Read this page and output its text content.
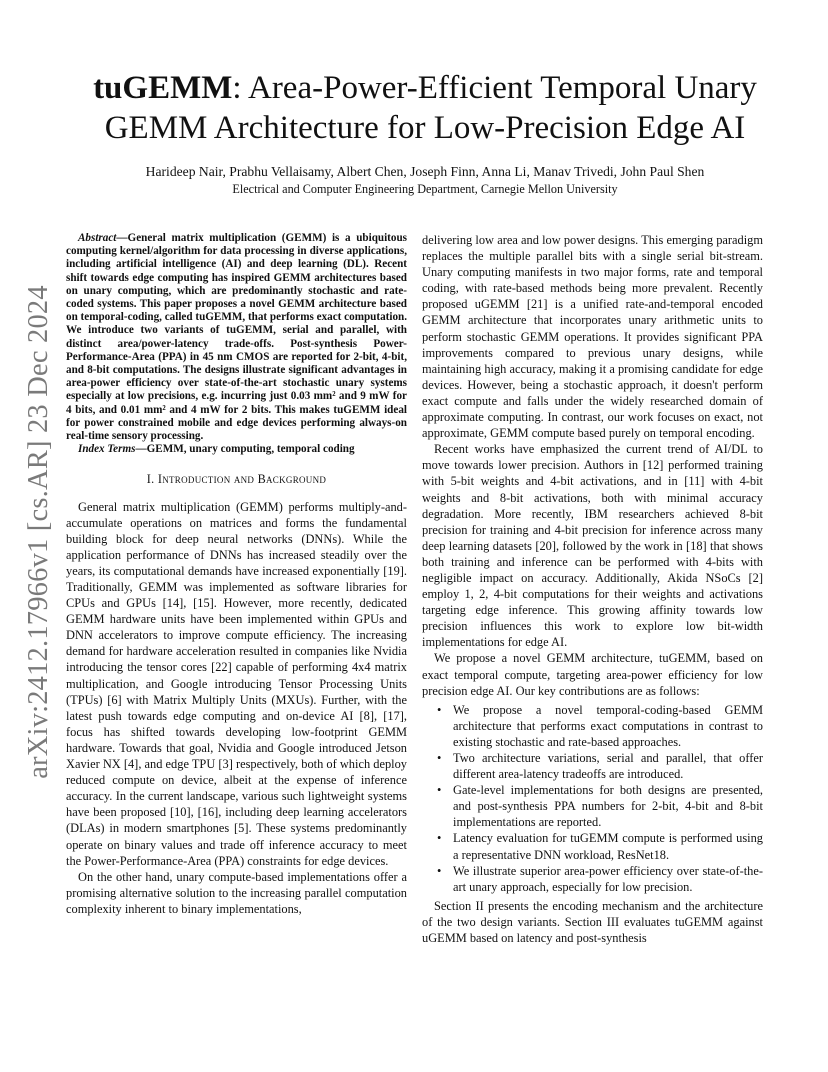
arXiv:2412.17966v1 [cs.AR] 23 Dec 2024
tuGEMM: Area-Power-Efficient Temporal Unary
GEMM Architecture for Low-Precision Edge AI
Harideep Nair, Prabhu Vellaisamy, Albert Chen, Joseph Finn, Anna Li, Manav Trivedi, John Paul Shen
Electrical and Computer Engineering Department, Carnegie Mellon University

Abstract—General matrix multiplication (GEMM) is a ubiquitous computing kernel/algorithm for data processing in diverse applications, including artificial intelligence (AI) and deep learning (DL). Recent shift towards edge computing has inspired GEMM architectures based on unary computing, which are predominantly stochastic and rate-coded systems. This paper proposes a novel GEMM architecture based on temporal-coding, called tuGEMM, that performs exact computation. We introduce two variants of tuGEMM, serial and parallel, with distinct area/power-latency trade-offs. Post-synthesis Power-Performance-Area (PPA) in 45 nm CMOS are reported for 2-bit, 4-bit, and 8-bit computations. The designs illustrate significant advantages in area-power efficiency over state-of-the-art stochastic unary systems especially at low precisions, e.g. incurring just 0.03 mm² and 9 mW for 4 bits, and 0.01 mm² and 4 mW for 2 bits. This makes tuGEMM ideal for power constrained mobile and edge devices performing always-on real-time sensory processing.

Index Terms—GEMM, unary computing, temporal coding

I. Introduction and Background

General matrix multiplication (GEMM) performs multiply-and-accumulate operations on matrices and forms the fundamental building block for deep neural networks (DNNs). While the application performance of DNNs has increased steadily over the years, its computational demands have increased exponentially [19]. Traditionally, GEMM was implemented as software libraries for CPUs and GPUs [14], [15]. However, more recently, dedicated GEMM hardware units have been implemented within GPUs and DNN accelerators to improve compute efficiency. The increasing demand for hardware acceleration resulted in companies like Nvidia introducing the tensor cores [22] capable of performing 4x4 matrix multiplication, and Google introducing Tensor Processing Units (TPUs) [6] with Matrix Multiply Units (MXUs). Further, with the latest push towards edge computing and on-device AI [8], [17], focus has shifted towards developing low-footprint GEMM hardware. Towards that goal, Nvidia and Google introduced Jetson Xavier NX [4], and edge TPU [3] respectively, both of which deploy reduced compute on device, albeit at the expense of inference accuracy. In the current landscape, various such lightweight systems have been proposed [10], [16], including deep learning accelerators (DLAs) in modern smartphones [5]. These systems predominantly operate on binary values and trade off inference accuracy to meet the Power-Performance-Area (PPA) constraints for edge devices.

On the other hand, unary compute-based implementations offer a promising alternative solution to the increasing parallel computation complexity inherent to binary implementations,

delivering low area and low power designs. This emerging paradigm replaces the multiple parallel bits with a single serial bit-stream. Unary computing manifests in two major forms, rate and temporal coding, with rate-based methods being more prevalent. Recently proposed uGEMM [21] is a unified rate-and-temporal encoded GEMM architecture that incorporates unary arithmetic units to perform stochastic GEMM operations. It provides significant PPA improvements compared to previous unary designs, while maintaining high accuracy, making it a promising candidate for edge devices. However, being a stochastic approach, it doesn't perform exact compute and falls under the widely researched domain of approximate computing. In contrast, our work focuses on exact, not approximate, GEMM compute based purely on temporal encoding.

Recent works have emphasized the current trend of AI/DL to move towards lower precision. Authors in [12] performed training with 5-bit weights and 4-bit activations, and in [11] with 4-bit weights and 8-bit activations, both with minimal accuracy degradation. More recently, IBM researchers achieved 8-bit precision for training and 4-bit precision for inference across many deep learning datasets [20], followed by the work in [18] that shows both training and inference can be performed with 4-bits with negligible impact on accuracy. Additionally, Akida NSoCs [2] employ 1, 2, 4-bit computations for their weights and activations targeting edge inference. This growing affinity towards low precision influences this work to explore low bit-width implementations for edge AI.

We propose a novel GEMM architecture, tuGEMM, based on exact temporal compute, targeting area-power efficiency for low precision edge AI. Our key contributions are as follows:

• We propose a novel temporal-coding-based GEMM architecture that performs exact computations in contrast to existing stochastic and rate-based approaches.
• Two architecture variations, serial and parallel, that offer different area-latency tradeoffs are introduced.
• Gate-level implementations for both designs are presented, and post-synthesis PPA numbers for 2-bit, 4-bit and 8-bit implementations are reported.
• Latency evaluation for tuGEMM compute is performed using a representative DNN workload, ResNet18.
• We illustrate superior area-power efficiency over state-of-the-art unary approach, especially for low precision.

Section II presents the encoding mechanism and the architecture of the two design variants. Section III evaluates tuGEMM against uGEMM based on latency and post-synthesis
